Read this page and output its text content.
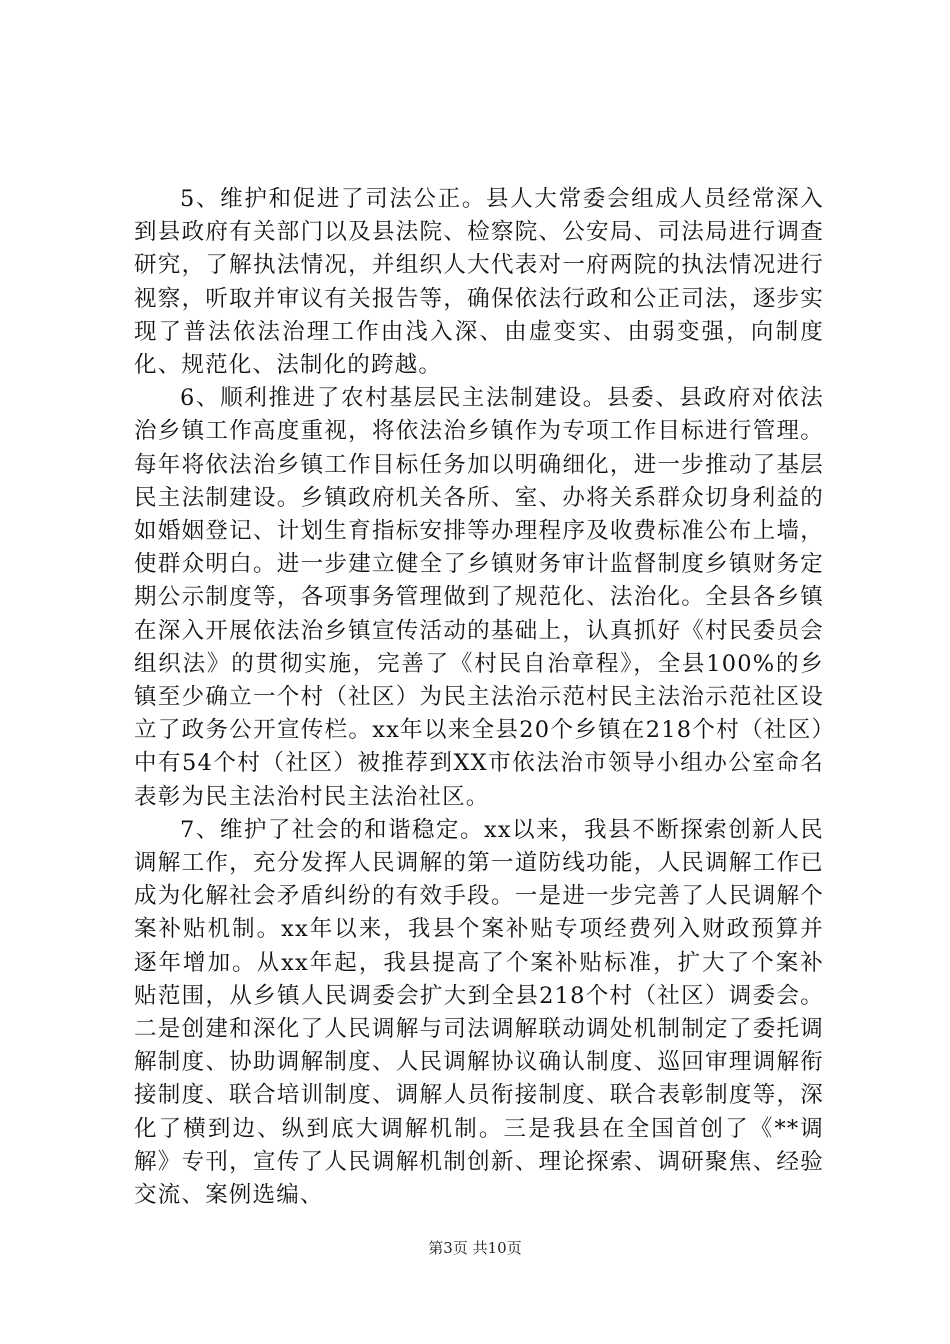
5、维护和促进了司法公正。县人大常委会组成人员经常深入到县政府有关部门以及县法院、检察院、公安局、司法局进行调查研究，了解执法情况，并组织人大代表对一府两院的执法情况进行视察，听取并审议有关报告等，确保依法行政和公正司法，逐步实现了普法依法治理工作由浅入深、由虚变实、由弱变强，向制度化、规范化、法制化的跨越。

6、顺利推进了农村基层民主法制建设。县委、县政府对依法治乡镇工作高度重视，将依法治乡镇作为专项工作目标进行管理。每年将依法治乡镇工作目标任务加以明确细化，进一步推动了基层民主法制建设。乡镇政府机关各所、室、办将关系群众切身利益的如婚姻登记、计划生育指标安排等办理程序及收费标准公布上墙，使群众明白。进一步建立健全了乡镇财务审计监督制度乡镇财务定期公示制度等，各项事务管理做到了规范化、法治化。全县各乡镇在深入开展依法治乡镇宣传活动的基础上，认真抓好《村民委员会组织法》的贯彻实施，完善了《村民自治章程》，全县100%的乡镇至少确立一个村（社区）为民主法治示范村民主法治示范社区设立了政务公开宣传栏。xx年以来全县20个乡镇在218个村（社区）中有54个村（社区）被推荐到XX市依法治市领导小组办公室命名表彰为民主法治村民主法治社区。

7、维护了社会的和谐稳定。xx以来，我县不断探索创新人民调解工作，充分发挥人民调解的第一道防线功能，人民调解工作已成为化解社会矛盾纠纷的有效手段。一是进一步完善了人民调解个案补贴机制。xx年以来，我县个案补贴专项经费列入财政预算并逐年增加。从xx年起，我县提高了个案补贴标准，扩大了个案补贴范围，从乡镇人民调委会扩大到全县218个村（社区）调委会。二是创建和深化了人民调解与司法调解联动调处机制制定了委托调解制度、协助调解制度、人民调解协议确认制度、巡回审理调解衔接制度、联合培训制度、调解人员衔接制度、联合表彰制度等，深化了横到边、纵到底大调解机制。三是我县在全国首创了《**调解》专刊，宣传了人民调解机制创新、理论探索、调研聚焦、经验交流、案例选编、

第3页 共10页
